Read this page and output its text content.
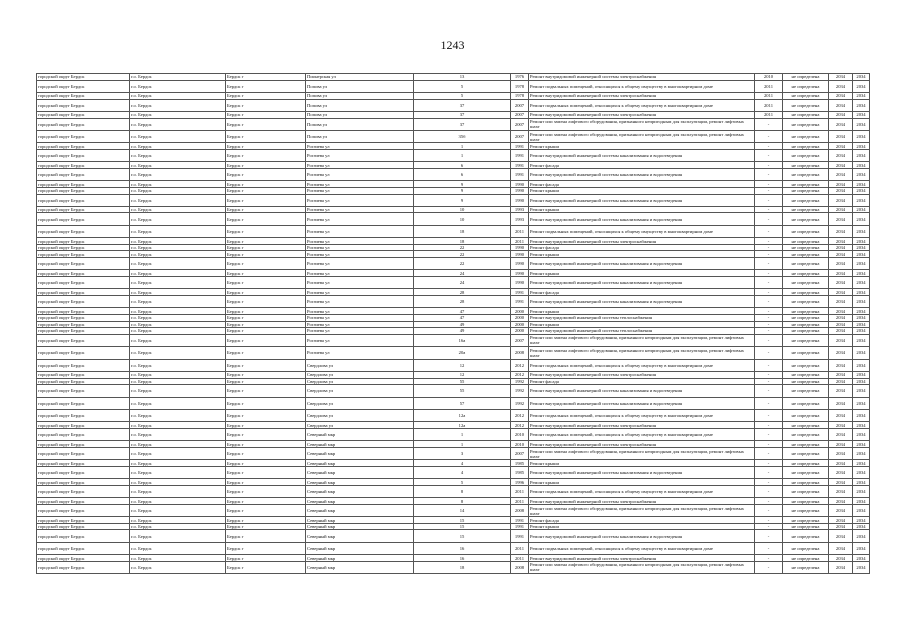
1243
городской округ Бердск	г.о. Бердск	Бердск г	Пионерская ул	13	1976	Ремонт внутридомовой инженерной системы электроснабжения	2010	не определена	2034	2034
городской округ Бердск	г.о. Бердск	Бердск г	Попова ул	5	1978	Ремонт подвальных помещений, относящихся к общему имуществу в многоквартирном доме	2011	не определена	2034	2034
городской округ Бердск	г.о. Бердск	Бердск г	Попова ул	5	1978	Ремонт внутридомовой инженерной системы электроснабжения	2011	не определена	2034	2034
городской округ Бердск	г.о. Бердск	Бердск г	Попова ул	37	2007	Ремонт подвальных помещений, относящихся к общему имуществу в многоквартирном доме	2011	не определена	2034	2034
городской округ Бердск	г.о. Бердск	Бердск г	Попова ул	37	2007	Ремонт внутридомовой инженерной системы электроснабжения	2011	не определена	2034	2034
городской округ Бердск	г.о. Бердск	Бердск г	Попова ул	37	2007	Ремонт или замена лифтового оборудования, признанного непригодным для эксплуатации, ремонт лифтовых шахт	-	не определена	2034	2034
городской округ Бердск	г.о. Бердск	Бердск г	Попова ул	35б	2007	Ремонт или замена лифтового оборудования, признанного непригодным для эксплуатации, ремонт лифтовых шахт	-	не определена	2034	2034
городской округ Бердск	г.о. Бердск	Бердск г	Рогачева ул	1	1991	Ремонт крыши	-	не определена	2034	2034
городской округ Бердск	г.о. Бердск	Бердск г	Рогачева ул	1	1991	Ремонт внутридомовой инженерной системы канализования и водоотведения	-	не определена	2034	2034
городской округ Бердск	г.о. Бердск	Бердск г	Рогачева ул	6	1991	Ремонт фасада	-	не определена	2034	2034
городской округ Бердск	г.о. Бердск	Бердск г	Рогачева ул	6	1991	Ремонт внутридомовой инженерной системы канализования и водоотведения	-	не определена	2034	2034
городской округ Бердск	г.о. Бердск	Бердск г	Рогачева ул	9	1990	Ремонт фасада	-	не определена	2034	2034
городской округ Бердск	г.о. Бердск	Бердск г	Рогачева ул	9	1990	Ремонт крыши	-	не определена	2034	2034
городской округ Бердск	г.о. Бердск	Бердск г	Рогачева ул	9	1990	Ремонт внутридомовой инженерной системы канализования и водоотведения	-	не определена	2034	2034
городской округ Бердск	г.о. Бердск	Бердск г	Рогачева ул	10	1993	Ремонт крыши	-	не определена	2034	2034
городской округ Бердск	г.о. Бердск	Бердск г	Рогачева ул	10	1993	Ремонт внутридомовой инженерной системы канализования и водоотведения	-	не определена	2034	2034
городской округ Бердск	г.о. Бердск	Бердск г	Рогачева ул	18	2011	Ремонт подвальных помещений, относящихся к общему имуществу в многоквартирном доме	-	не определена	2034	2034
городской округ Бердск	г.о. Бердск	Бердск г	Рогачева ул	18	2011	Ремонт внутридомовой инженерной системы электроснабжения	-	не определена	2034	2034
городской округ Бердск	г.о. Бердск	Бердск г	Рогачева ул	22	1990	Ремонт фасада	-	не определена	2034	2034
городской округ Бердск	г.о. Бердск	Бердск г	Рогачева ул	22	1990	Ремонт крыши	-	не определена	2034	2034
городской округ Бердск	г.о. Бердск	Бердск г	Рогачева ул	22	1990	Ремонт внутридомовой инженерной системы канализования и водоотведения	-	не определена	2034	2034
городской округ Бердск	г.о. Бердск	Бердск г	Рогачева ул	24	1990	Ремонт крыши	-	не определена	2034	2034
городской округ Бердск	г.о. Бердск	Бердск г	Рогачева ул	24	1990	Ремонт внутридомовой инженерной системы канализования и водоотведения	-	не определена	2034	2034
городской округ Бердск	г.о. Бердск	Бердск г	Рогачева ул	28	1991	Ремонт фасада	-	не определена	2034	2034
городской округ Бердск	г.о. Бердск	Бердск г	Рогачева ул	28	1991	Ремонт внутридомовой инженерной системы канализования и водоотведения	-	не определена	2034	2034
городской округ Бердск	г.о. Бердск	Бердск г	Рогачева ул	47	2000	Ремонт крыши	-	не определена	2034	2034
городской округ Бердск	г.о. Бердск	Бердск г	Рогачева ул	47	2000	Ремонт внутридомовой инженерной системы теплоснабжения	-	не определена	2034	2034
городской округ Бердск	г.о. Бердск	Бердск г	Рогачева ул	49	2000	Ремонт крыши	-	не определена	2034	2034
городской округ Бердск	г.о. Бердск	Бердск г	Рогачева ул	49	2000	Ремонт внутридомовой инженерной системы теплоснабжения	-	не определена	2034	2034
городской округ Бердск	г.о. Бердск	Бердск г	Рогачева ул	16а	2007	Ремонт или замена лифтового оборудования, признанного непригодным для эксплуатации, ремонт лифтовых шахт	-	не определена	2034	2034
городской округ Бердск	г.о. Бердск	Бердск г	Рогачева ул	20а	2008	Ремонт или замена лифтового оборудования, признанного непригодным для эксплуатации, ремонт лифтовых шахт	-	не определена	2034	2034
городской округ Бердск	г.о. Бердск	Бердск г	Свердлова ул	12	2012	Ремонт подвальных помещений, относящихся к общему имуществу в многоквартирном доме	-	не определена	2034	2034
городской округ Бердск	г.о. Бердск	Бердск г	Свердлова ул	12	2012	Ремонт внутридомовой инженерной системы электроснабжения	-	не определена	2034	2034
городской округ Бердск	г.о. Бердск	Бердск г	Свердлова ул	55	1992	Ремонт фасада	-	не определена	2034	2034
городской округ Бердск	г.о. Бердск	Бердск г	Свердлова ул	55	1992	Ремонт внутридомовой инженерной системы канализования и водоотведения	-	не определена	2034	2034
городской округ Бердск	г.о. Бердск	Бердск г	Свердлова ул	57	1992	Ремонт внутридомовой инженерной системы канализования и водоотведения	-	не определена	2034	2034
городской округ Бердск	г.о. Бердск	Бердск г	Свердлова ул	12а	2012	Ремонт подвальных помещений, относящихся к общему имуществу в многоквартирном доме	-	не определена	2034	2034
городской округ Бердск	г.о. Бердск	Бердск г	Свердлова ул	12а	2012	Ремонт внутридомовой инженерной системы электроснабжения	-	не определена	2034	2034
городской округ Бердск	г.о. Бердск	Бердск г	Северный мкр	1	2010	Ремонт подвальных помещений, относящихся к общему имуществу в многоквартирном доме	-	не определена	2034	2034
городской округ Бердск	г.о. Бердск	Бердск г	Северный мкр	1	2010	Ремонт внутридомовой инженерной системы электроснабжения	-	не определена	2034	2034
городской округ Бердск	г.о. Бердск	Бердск г	Северный мкр	3	2007	Ремонт или замена лифтового оборудования, признанного непригодным для эксплуатации, ремонт лифтовых шахт	-	не определена	2034	2034
городской округ Бердск	г.о. Бердск	Бердск г	Северный мкр	4	1985	Ремонт крыши	-	не определена	2034	2034
городской округ Бердск	г.о. Бердск	Бердск г	Северный мкр	4	1985	Ремонт внутридомовой инженерной системы канализования и водоотведения	-	не определена	2034	2034
городской округ Бердск	г.о. Бердск	Бердск г	Северный мкр	5	1996	Ремонт крыши	-	не определена	2034	2034
городской округ Бердск	г.о. Бердск	Бердск г	Северный мкр	8	2011	Ремонт подвальных помещений, относящихся к общему имуществу в многоквартирном доме	-	не определена	2034	2034
городской округ Бердск	г.о. Бердск	Бердск г	Северный мкр	8	2011	Ремонт внутридомовой инженерной системы электроснабжения	-	не определена	2034	2034
городской округ Бердск	г.о. Бердск	Бердск г	Северный мкр	14	2008	Ремонт или замена лифтового оборудования, признанного непригодным для эксплуатации, ремонт лифтовых шахт	-	не определена	2034	2034
городской округ Бердск	г.о. Бердск	Бердск г	Северный мкр	15	1991	Ремонт фасада	-	не определена	2034	2034
городской округ Бердск	г.о. Бердск	Бердск г	Северный мкр	15	1991	Ремонт крыши	-	не определена	2034	2034
городской округ Бердск	г.о. Бердск	Бердск г	Северный мкр	15	1991	Ремонт внутридомовой инженерной системы канализования и водоотведения	-	не определена	2034	2034
городской округ Бердск	г.о. Бердск	Бердск г	Северный мкр	16	2011	Ремонт подвальных помещений, относящихся к общему имуществу в многоквартирном доме	-	не определена	2034	2034
городской округ Бердск	г.о. Бердск	Бердск г	Северный мкр	16	2011	Ремонт внутридомовой инженерной системы электроснабжения	-	не определена	2034	2034
городской округ Бердск	г.о. Бердск	Бердск г	Северный мкр	18	2008	Ремонт или замена лифтового оборудования, признанного непригодным для эксплуатации, ремонт лифтовых шахт	-	не определена	2034	2034
